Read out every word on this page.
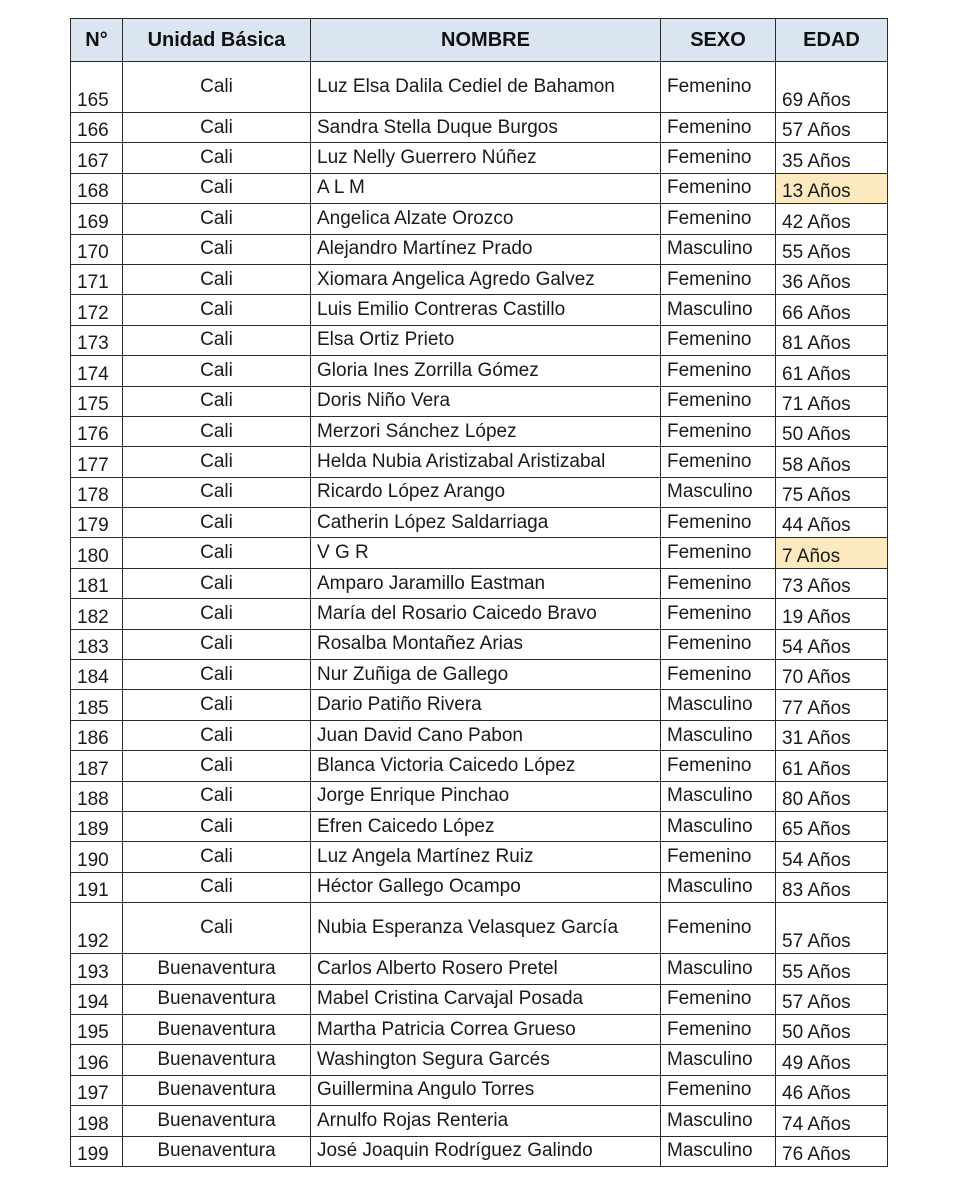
N°	Unidad Básica	NOMBRE	SEXO	EDAD
165	Cali	Luz Elsa Dalila Cediel de Bahamon	Femenino	69 Años
166	Cali	Sandra Stella Duque Burgos	Femenino	57 Años
167	Cali	Luz Nelly Guerrero Núñez	Femenino	35 Años
168	Cali	A L M	Femenino	13 Años
169	Cali	Angelica Alzate Orozco	Femenino	42 Años
170	Cali	Alejandro Martínez Prado	Masculino	55 Años
171	Cali	Xiomara Angelica Agredo Galvez	Femenino	36 Años
172	Cali	Luis Emilio Contreras Castillo	Masculino	66 Años
173	Cali	Elsa Ortiz Prieto	Femenino	81 Años
174	Cali	Gloria Ines Zorrilla Gómez	Femenino	61 Años
175	Cali	Doris Niño Vera	Femenino	71 Años
176	Cali	Merzori Sánchez López	Femenino	50 Años
177	Cali	Helda Nubia Aristizabal Aristizabal	Femenino	58 Años
178	Cali	Ricardo López Arango	Masculino	75 Años
179	Cali	Catherin López Saldarriaga	Femenino	44 Años
180	Cali	V G R	Femenino	7 Años
181	Cali	Amparo Jaramillo Eastman	Femenino	73 Años
182	Cali	María del Rosario Caicedo Bravo	Femenino	19 Años
183	Cali	Rosalba Montañez Arias	Femenino	54 Años
184	Cali	Nur Zuñiga de Gallego	Femenino	70 Años
185	Cali	Dario Patiño Rivera	Masculino	77 Años
186	Cali	Juan David Cano Pabon	Masculino	31 Años
187	Cali	Blanca Victoria Caicedo López	Femenino	61 Años
188	Cali	Jorge Enrique Pinchao	Masculino	80 Años
189	Cali	Efren Caicedo López	Masculino	65 Años
190	Cali	Luz Angela Martínez Ruiz	Femenino	54 Años
191	Cali	Héctor Gallego Ocampo	Masculino	83 Años
192	Cali	Nubia Esperanza Velasquez García	Femenino	57 Años
193	Buenaventura	Carlos Alberto Rosero Pretel	Masculino	55 Años
194	Buenaventura	Mabel Cristina Carvajal Posada	Femenino	57 Años
195	Buenaventura	Martha Patricia Correa Grueso	Femenino	50 Años
196	Buenaventura	Washington Segura Garcés	Masculino	49 Años
197	Buenaventura	Guillermina Angulo Torres	Femenino	46 Años
198	Buenaventura	Arnulfo Rojas Renteria	Masculino	74 Años
199	Buenaventura	José Joaquin Rodríguez Galindo	Masculino	76 Años
